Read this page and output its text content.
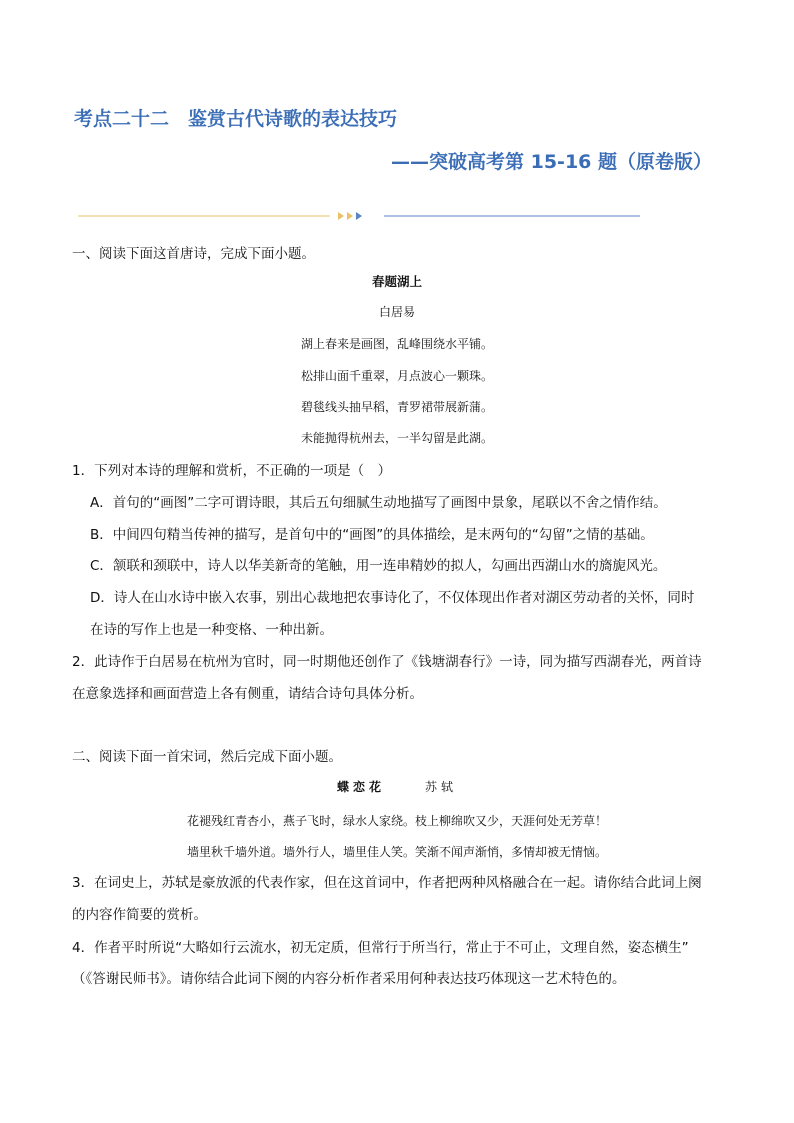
考点二十二　鉴赏古代诗歌的表达技巧
——突破高考第 15-16 题（原卷版）
一、阅读下面这首唐诗，完成下面小题。
春题湖上
白居易
湖上春来是画图，乱峰围绕水平铺。
松排山面千重翠，月点波心一颗珠。
碧毯线头抽早稻，青罗裙带展新蒲。
未能抛得杭州去，一半勾留是此湖。
1．下列对本诗的理解和赏析，不正确的一项是（　）
A．首句的“画图”二字可谓诗眼，其后五句细腻生动地描写了画图中景象，尾联以不舍之情作结。
B．中间四句精当传神的描写，是首句中的“画图”的具体描绘，是末两句的“勾留”之情的基础。
C．颔联和颈联中，诗人以华美新奇的笔触，用一连串精妙的拟人，勾画出西湖山水的旖旎风光。
D．诗人在山水诗中嵌入农事，别出心裁地把农事诗化了，不仅体现出作者对湖区劳动者的关怀，同时
在诗的写作上也是一种变格、一种出新。
2．此诗作于白居易在杭州为官时，同一时期他还创作了《钱塘湖春行》一诗，同为描写西湖春光，两首诗
在意象选择和画面营造上各有侧重，请结合诗句具体分析。
二、阅读下面一首宋词，然后完成下面小题。
蝶恋花	苏轼
花褪残红青杏小，燕子飞时，绿水人家绕。枝上柳绵吹又少，天涯何处无芳草！
墙里秋千墙外道。墙外行人，墙里佳人笑。笑渐不闻声渐悄，多情却被无情恼。
3．在词史上，苏轼是豪放派的代表作家，但在这首词中，作者把两种风格融合在一起。请你结合此词上阕
的内容作简要的赏析。
4．作者平时所说“大略如行云流水，初无定质，但常行于所当行，常止于不可止，文理自然，姿态横生”
（《答谢民师书》。请你结合此词下阕的内容分析作者采用何种表达技巧体现这一艺术特色的。
